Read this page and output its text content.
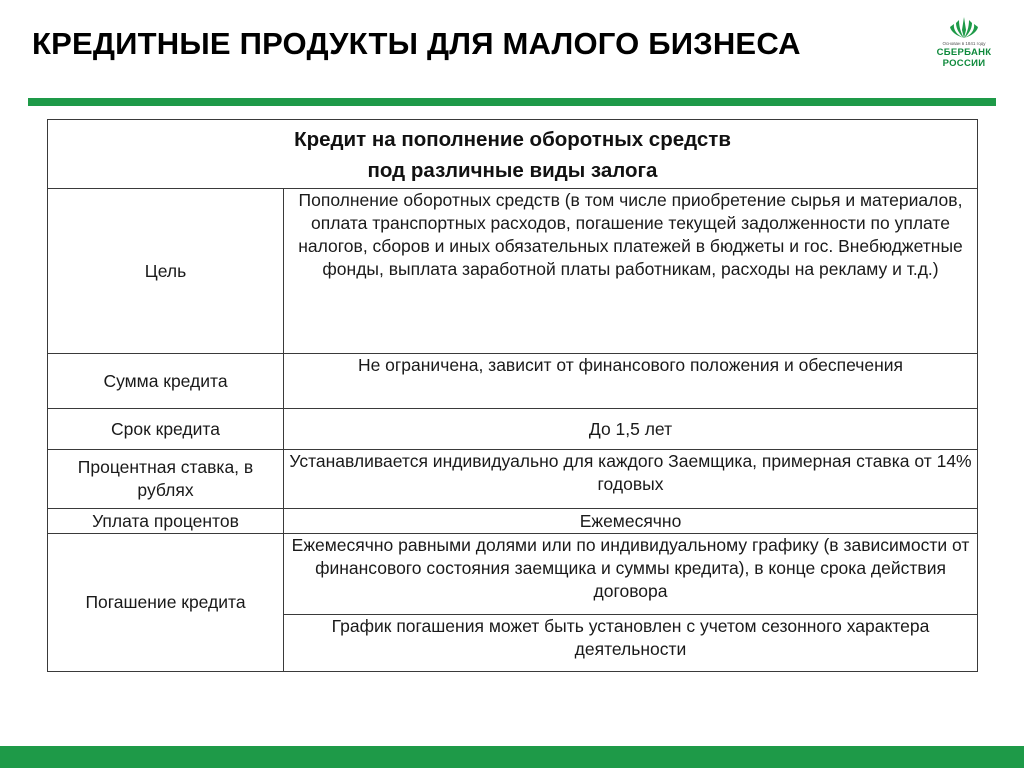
КРЕДИТНЫЕ ПРОДУКТЫ ДЛЯ МАЛОГО БИЗНЕСА	Основан в 1841 году
СБЕРБАНК
РОССИИ
Кредит на пополнение оборотных средств
под различные виды залога	

Цель	Пополнение оборотных средств (в том числе приобретение сырья и материалов, оплата транспортных расходов, погашение текущей задолженности по уплате налогов, сборов и иных обязательных платежей в бюджеты и гос. Внебюджетные фонды, выплата заработной платы работникам, расходы на рекламу и т.д.)
Сумма кредита	Не ограничена, зависит от финансового положения и обеспечения
Срок кредита	До 1,5 лет
Процентная ставка, в рублях	Устанавливается индивидуально для каждого Заемщика, примерная ставка от 14% годовых
Уплата процентов	Ежемесячно
Погашение кредита	Ежемесячно равными долями или по индивидуальному графику (в зависимости от финансового состояния заемщика и суммы кредита), в конце срока действия договора
	График погашения может быть установлен с учетом сезонного характера деятельности
